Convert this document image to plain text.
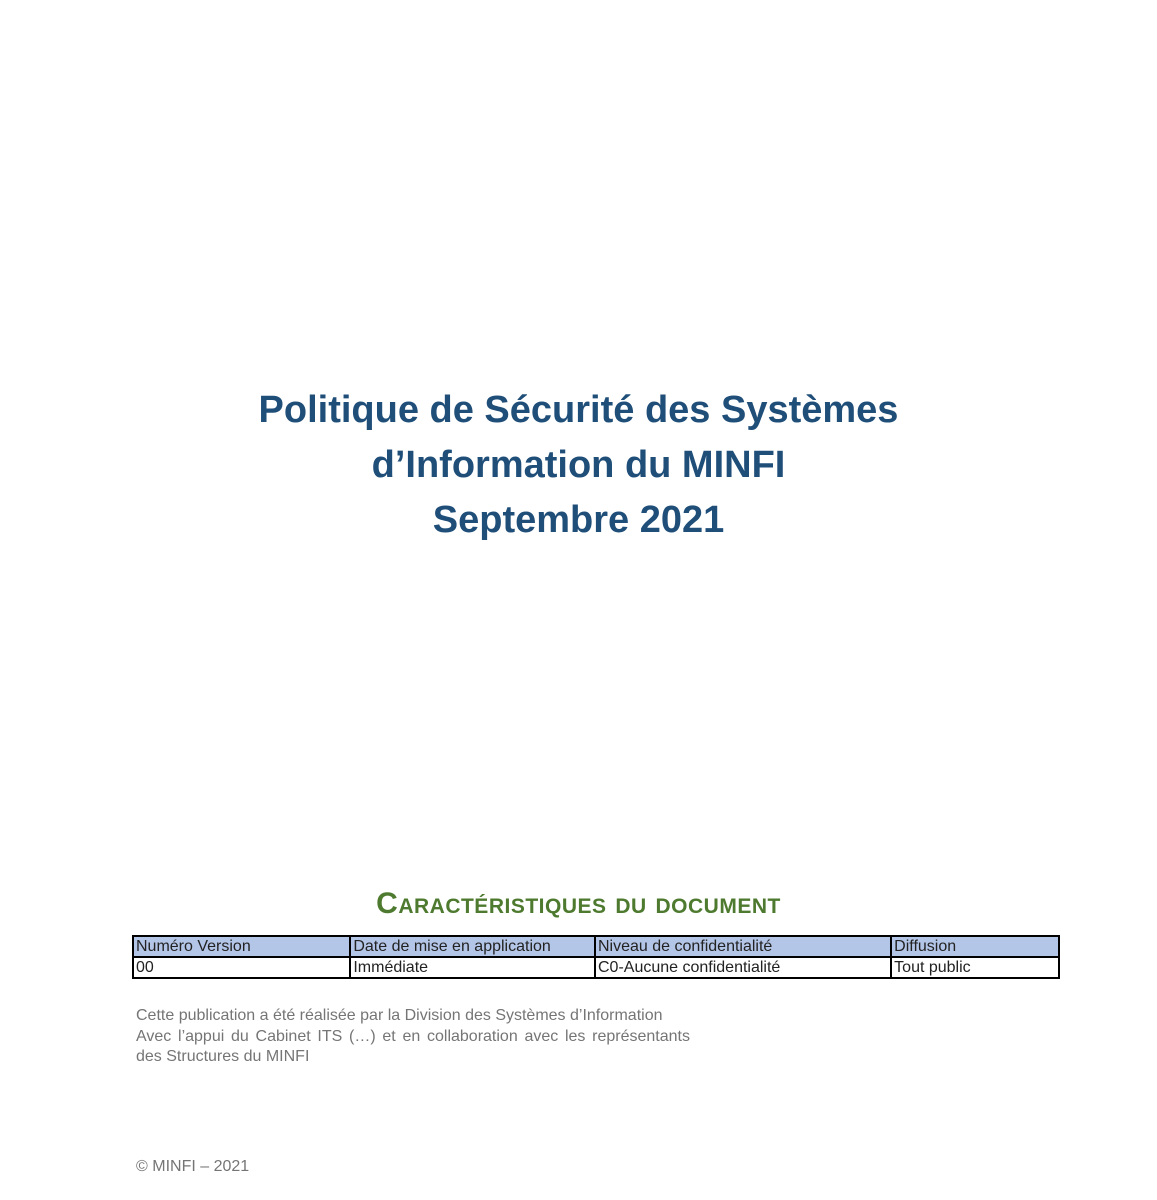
Politique de Sécurité des Systèmes
d’Information du MINFI
Septembre 2021
Caractéristiques du document
Numéro Version	Date de mise en application	Niveau de confidentialité	Diffusion
00	Immédiate	C0-Aucune confidentialité	Tout public

Cette publication a été réalisée par la Division des Systèmes d’Information

Avec l’appui du Cabinet ITS (…) et en collaboration avec les représentants des Structures du MINFI

© MINFI – 2021
